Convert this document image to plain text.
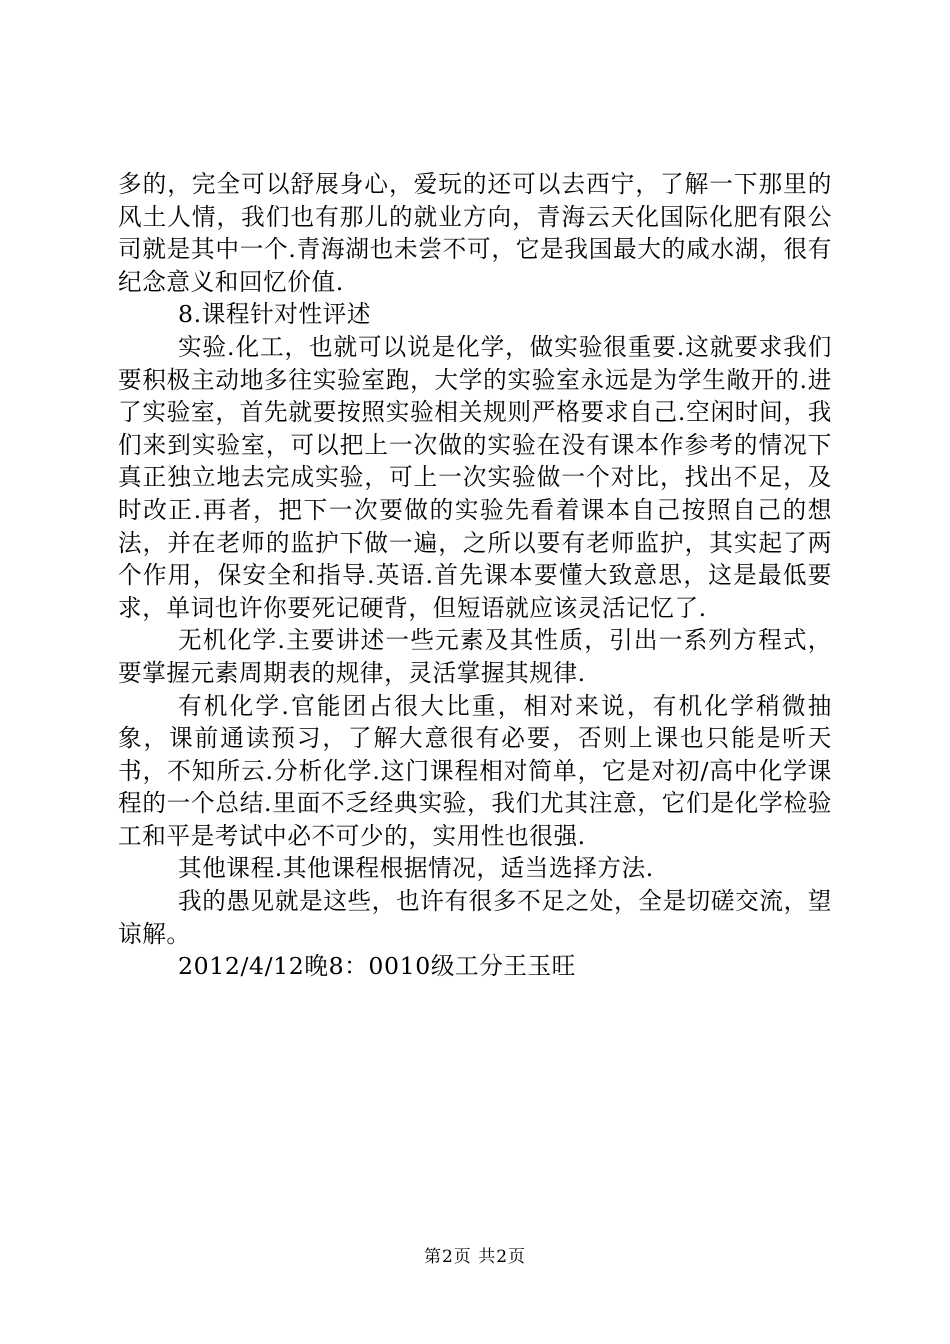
多的，完全可以舒展身心，爱玩的还可以去西宁，了解一下那里的风土人情，我们也有那儿的就业方向，青海云天化国际化肥有限公司就是其中一个.青海湖也未尝不可，它是我国最大的咸水湖，很有纪念意义和回忆价值.

8.课程针对性评述

实验.化工，也就可以说是化学，做实验很重要.这就要求我们要积极主动地多往实验室跑，大学的实验室永远是为学生敞开的.进了实验室，首先就要按照实验相关规则严格要求自己.空闲时间，我们来到实验室，可以把上一次做的实验在没有课本作参考的情况下真正独立地去完成实验，可上一次实验做一个对比，找出不足，及时改正.再者，把下一次要做的实验先看着课本自己按照自己的想法，并在老师的监护下做一遍，之所以要有老师监护，其实起了两个作用，保安全和指导.英语.首先课本要懂大致意思，这是最低要求，单词也许你要死记硬背，但短语就应该灵活记忆了.

无机化学.主要讲述一些元素及其性质，引出一系列方程式，要掌握元素周期表的规律，灵活掌握其规律.

有机化学.官能团占很大比重，相对来说，有机化学稍微抽象，课前通读预习，了解大意很有必要，否则上课也只能是听天书，不知所云.分析化学.这门课程相对简单，它是对初/高中化学课程的一个总结.里面不乏经典实验，我们尤其注意，它们是化学检验工和平是考试中必不可少的，实用性也很强.

其他课程.其他课程根据情况，适当选择方法.

我的愚见就是这些，也许有很多不足之处，全是切磋交流，望谅解。

2012/4/12晚8：0010级工分王玉旺

第2页 共2页
